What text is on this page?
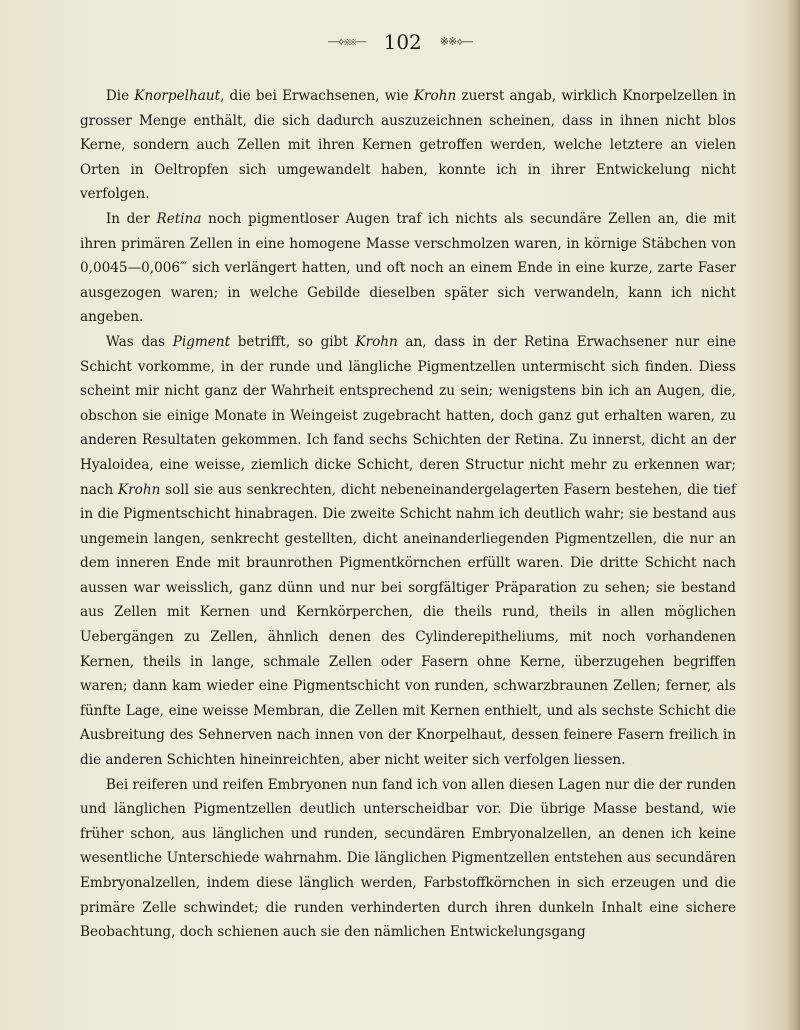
—⟡※※— 102 ※※⟡—

Die Knorpelhaut, die bei Erwachsenen, wie Krohn zuerst angab, wirklich Knorpelzellen in grosser Menge enthält, die sich dadurch auszuzeichnen scheinen, dass in ihnen nicht blos Kerne, sondern auch Zellen mit ihren Kernen getroffen werden, welche letztere an vielen Orten in Oeltropfen sich umgewandelt haben, konnte ich in ihrer Entwickelung nicht verfolgen.

In der Retina noch pigmentloser Augen traf ich nichts als secundäre Zellen an, die mit ihren primären Zellen in eine homogene Masse verschmolzen waren, in körnige Stäbchen von 0,0045—0,006‴ sich verlängert hatten, und oft noch an einem Ende in eine kurze, zarte Faser ausgezogen waren; in welche Gebilde dieselben später sich verwandeln, kann ich nicht angeben.

Was das Pigment betrifft, so gibt Krohn an, dass in der Retina Erwachsener nur eine Schicht vorkomme, in der runde und längliche Pigmentzellen untermischt sich finden. Diess scheint mir nicht ganz der Wahrheit entsprechend zu sein; wenigstens bin ich an Augen, die, obschon sie einige Monate in Weingeist zugebracht hatten, doch ganz gut erhalten waren, zu anderen Resultaten gekommen. Ich fand sechs Schichten der Retina. Zu innerst, dicht an der Hyaloidea, eine weisse, ziemlich dicke Schicht, deren Structur nicht mehr zu erkennen war; nach Krohn soll sie aus senkrechten, dicht nebeneinandergelagerten Fasern bestehen, die tief in die Pigmentschicht hinabragen. Die zweite Schicht nahm ich deutlich wahr; sie bestand aus ungemein langen, senkrecht gestellten, dicht aneinanderliegenden Pigmentzellen, die nur an dem inneren Ende mit braunrothen Pigmentkörnchen erfüllt waren. Die dritte Schicht nach aussen war weisslich, ganz dünn und nur bei sorgfältiger Präparation zu sehen; sie bestand aus Zellen mit Kernen und Kernkörperchen, die theils rund, theils in allen möglichen Uebergängen zu Zellen, ähnlich denen des Cylinderepitheliums, mit noch vorhandenen Kernen, theils in lange, schmale Zellen oder Fasern ohne Kerne, überzugehen begriffen waren; dann kam wieder eine Pigmentschicht von runden, schwarzbraunen Zellen; ferner, als fünfte Lage, eine weisse Membran, die Zellen mit Kernen enthielt, und als sechste Schicht die Ausbreitung des Sehnerven nach innen von der Knorpelhaut, dessen feinere Fasern freilich in die anderen Schichten hineinreichten, aber nicht weiter sich verfolgen liessen.

Bei reiferen und reifen Embryonen nun fand ich von allen diesen Lagen nur die der runden und länglichen Pigmentzellen deutlich unterscheidbar vor. Die übrige Masse bestand, wie früher schon, aus länglichen und runden, secundären Embryonalzellen, an denen ich keine wesentliche Unterschiede wahrnahm. Die länglichen Pigmentzellen entstehen aus secundären Embryonalzellen, indem diese länglich werden, Farbstoffkörnchen in sich erzeugen und die primäre Zelle schwindet; die runden verhinderten durch ihren dunkeln Inhalt eine sichere Beobachtung, doch schienen auch sie den nämlichen Entwickelungsgang
